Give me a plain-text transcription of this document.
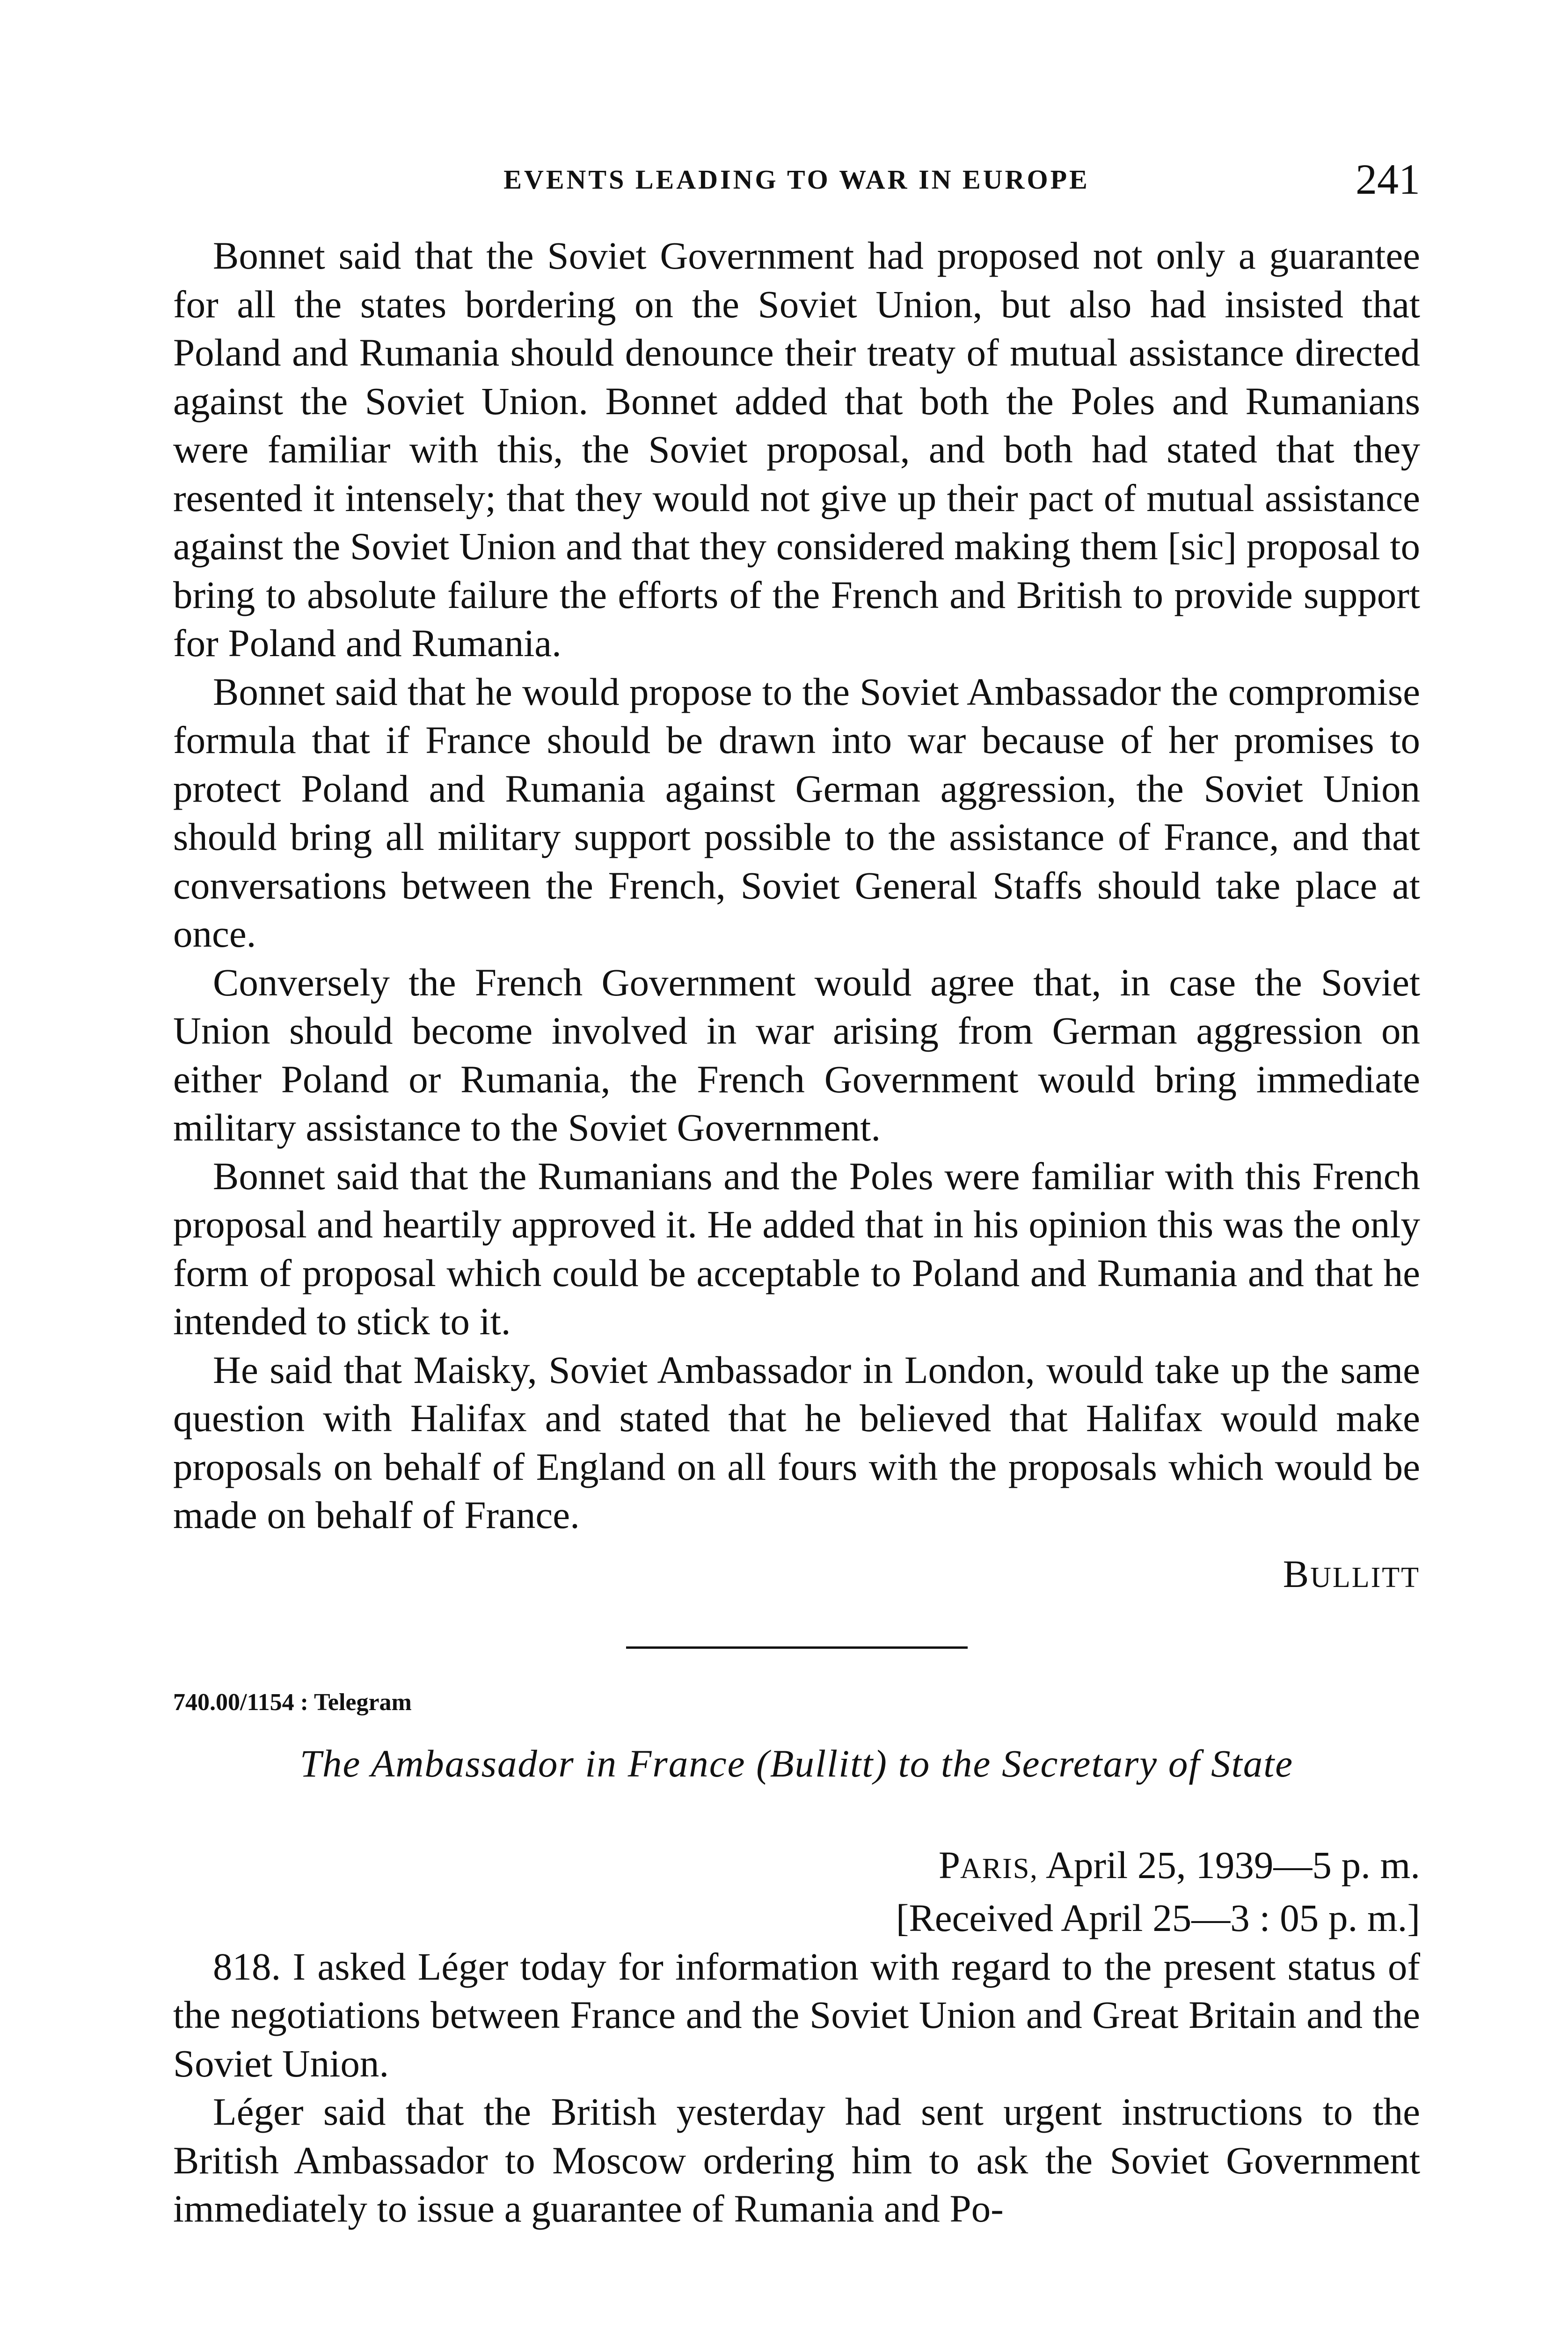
EVENTS LEADING TO WAR IN EUROPE	241

Bonnet said that the Soviet Government had proposed not only a guarantee for all the states bordering on the Soviet Union, but also had insisted that Poland and Rumania should denounce their treaty of mutual assistance directed against the Soviet Union. Bonnet added that both the Poles and Rumanians were familiar with this, the Soviet proposal, and both had stated that they resented it intensely; that they would not give up their pact of mutual assistance against the Soviet Union and that they considered making them [sic] proposal to bring to absolute failure the efforts of the French and British to provide support for Poland and Rumania.

Bonnet said that he would propose to the Soviet Ambassador the compromise formula that if France should be drawn into war because of her promises to protect Poland and Rumania against German aggression, the Soviet Union should bring all military support possible to the assistance of France, and that conversations between the French, Soviet General Staffs should take place at once.

Conversely the French Government would agree that, in case the Soviet Union should become involved in war arising from German aggression on either Poland or Rumania, the French Government would bring immediate military assistance to the Soviet Government.

Bonnet said that the Rumanians and the Poles were familiar with this French proposal and heartily approved it. He added that in his opinion this was the only form of proposal which could be acceptable to Poland and Rumania and that he intended to stick to it.

He said that Maisky, Soviet Ambassador in London, would take up the same question with Halifax and stated that he believed that Halifax would make proposals on behalf of England on all fours with the proposals which would be made on behalf of France.

BULLITT
740.00/1154 : Telegram
The Ambassador in France (Bullitt) to the Secretary of State
PARIS, April 25, 1939—5 p. m.
[Received April 25—3 : 05 p. m.]

818. I asked Léger today for information with regard to the present status of the negotiations between France and the Soviet Union and Great Britain and the Soviet Union.

Léger said that the British yesterday had sent urgent instructions to the British Ambassador to Moscow ordering him to ask the Soviet Government immediately to issue a guarantee of Rumania and Po-
